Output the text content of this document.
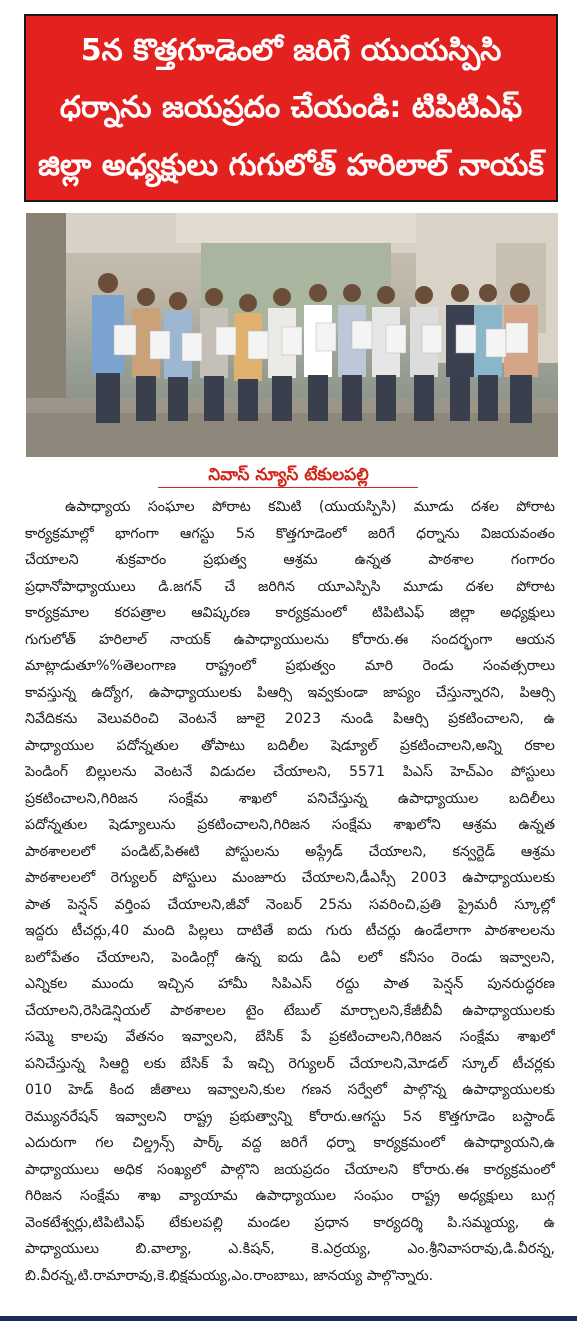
5న కొత్తగూడెంలో జరిగే యుయస్పిసి
ధర్నాను జయప్రదం చేయండి: టిపిటిఎఫ్
జిల్లా అధ్యక్షులు గుగులోత్ హరిలాల్ నాయక్
నివాస్ న్యూస్ టేకులపల్లి
ఉపాధ్యాయ సంఘాల పోరాట కమిటి (యుయస్పిసి) మూడు దశల పోరాట
కార్యక్రమాల్లో భాగంగా ఆగస్టు 5న కొత్తగూడెంలో జరిగే ధర్నాను విజయవంతం
చేయాలని శుక్రవారం ప్రభుత్వ ఆశ్రమ ఉన్నత పాఠశాల గంగారం
ప్రధానోపాధ్యాయులు డి.జగన్ చే జరిగిన యూఎస్పిసి మూడు దశల పోరాట
కార్యక్రమాల కరపత్రాల ఆవిష్కరణ కార్యక్రమంలో టిపిటిఎఫ్ జిల్లా అధ్యక్షులు
గుగులోత్ హరిలాల్ నాయక్ ఉపాధ్యాయులను కోరారు.ఈ సందర్భంగా ఆయన
మాట్లాడుతూ%%తెలంగాణ రాష్ట్రంలో ప్రభుత్వం మారి రెండు సంవత్సరాలు
కావస్తున్న ఉద్యోగ, ఉపాధ్యాయులకు పిఆర్సి ఇవ్వకుండా జాప్యం చేస్తున్నారని, పిఆర్సి
నివేదికను వెలువరించి వెంటనే జూలై 2023 నుండి పిఆర్సి ప్రకటించాలని, ఉ
పాధ్యాయుల పదోన్నతుల తోపాటు బదిలీల షెడ్యూల్ ప్రకటించాలని,అన్ని రకాల
పెండింగ్ బిల్లులను వెంటనే విడుదల చేయాలని, 5571 పిఎస్ హెచ్ఎం పోస్టులు
ప్రకటించాలని,గిరిజన సంక్షేమ శాఖలో పనిచేస్తున్న ఉపాధ్యాయుల బదిలీలు
పదోన్నతుల షెడ్యూలును ప్రకటించాలని,గిరిజన సంక్షేమ శాఖలోని ఆశ్రమ ఉన్నత
పాఠశాలలలో పండిట్,పిఈటి పోస్టులను అప్గ్రేడ్ చేయాలని, కన్వర్టెడ్ ఆశ్రమ
పాఠశాలలలో రెగ్యులర్ పోస్టులు మంజూరు చేయాలని,డీఎస్సీ 2003 ఉపాధ్యాయులకు
పాత పెన్షన్ వర్తింప చేయాలని,జీవో నెంబర్ 25ను సవరించి,ప్రతి ప్రైమరీ స్కూల్లో
ఇద్దరు టీచర్లు,40 మంది పిల్లలు దాటితే ఐదు గురు టీచర్లు ఉండేలాగా పాఠశాలలను
బలోపేతం చేయాలని, పెండింగ్లో ఉన్న ఐదు డిఏ లలో కనీసం రెండు ఇవ్వాలని,
ఎన్నికల ముందు ఇచ్చిన హామీ సిపిఎస్ రద్దు పాత పెన్షన్ పునరుద్ధరణ
చేయాలని,రెసిడెన్షియల్ పాఠశాలల టైం టేబుల్ మార్చాలని,కేజీబీవీ ఉపాధ్యాయులకు
సమ్మె కాలపు వేతనం ఇవ్వాలని, బేసిక్ పే ప్రకటించాలని,గిరిజన సంక్షేమ శాఖలో
పనిచేస్తున్న సిఆర్టి లకు బేసిక్ పే ఇచ్చి రెగ్యులర్ చేయాలని,మోడల్ స్కూల్ టీచర్లకు
010 హెడ్ కింద జీతాలు ఇవ్వాలని,కుల గణన సర్వేలో పాల్గొన్న ఉపాధ్యాయులకు
రెమ్యునరేషన్ ఇవ్వాలని రాష్ట్ర ప్రభుత్వాన్ని కోరారు.ఆగస్టు 5న కొత్తగూడెం బస్టాండ్
ఎదురుగా గల చిల్డ్రన్స్ పార్క్ వద్ద జరిగే ధర్నా కార్యక్రమంలో ఉపాధ్యాయని,ఉ
పాధ్యాయులు అధిక సంఖ్యలో పాల్గొని జయప్రదం చేయాలని కోరారు.ఈ కార్యక్రమంలో
గిరిజన సంక్షేమ శాఖ వ్యాయామ ఉపాధ్యాయుల సంఘం రాష్ట్ర అధ్యక్షులు బుగ్గ
వెంకటేశ్వర్లు,టిపిటిఎఫ్ టేకులపల్లి మండల ప్రధాన కార్యదర్శి పి.సమ్మయ్య, ఉ
పాధ్యాయులు బి.వాల్యా, ఎ.కిషన్, కె.ఎర్రయ్య, ఎం.శ్రీనివాసరావు,డి.వీరన్న,
బి.వీరన్న,టి.రామారావు,కె.భిక్షమయ్య,ఎం.రాంబాబు, జానయ్య పాల్గొన్నారు.
